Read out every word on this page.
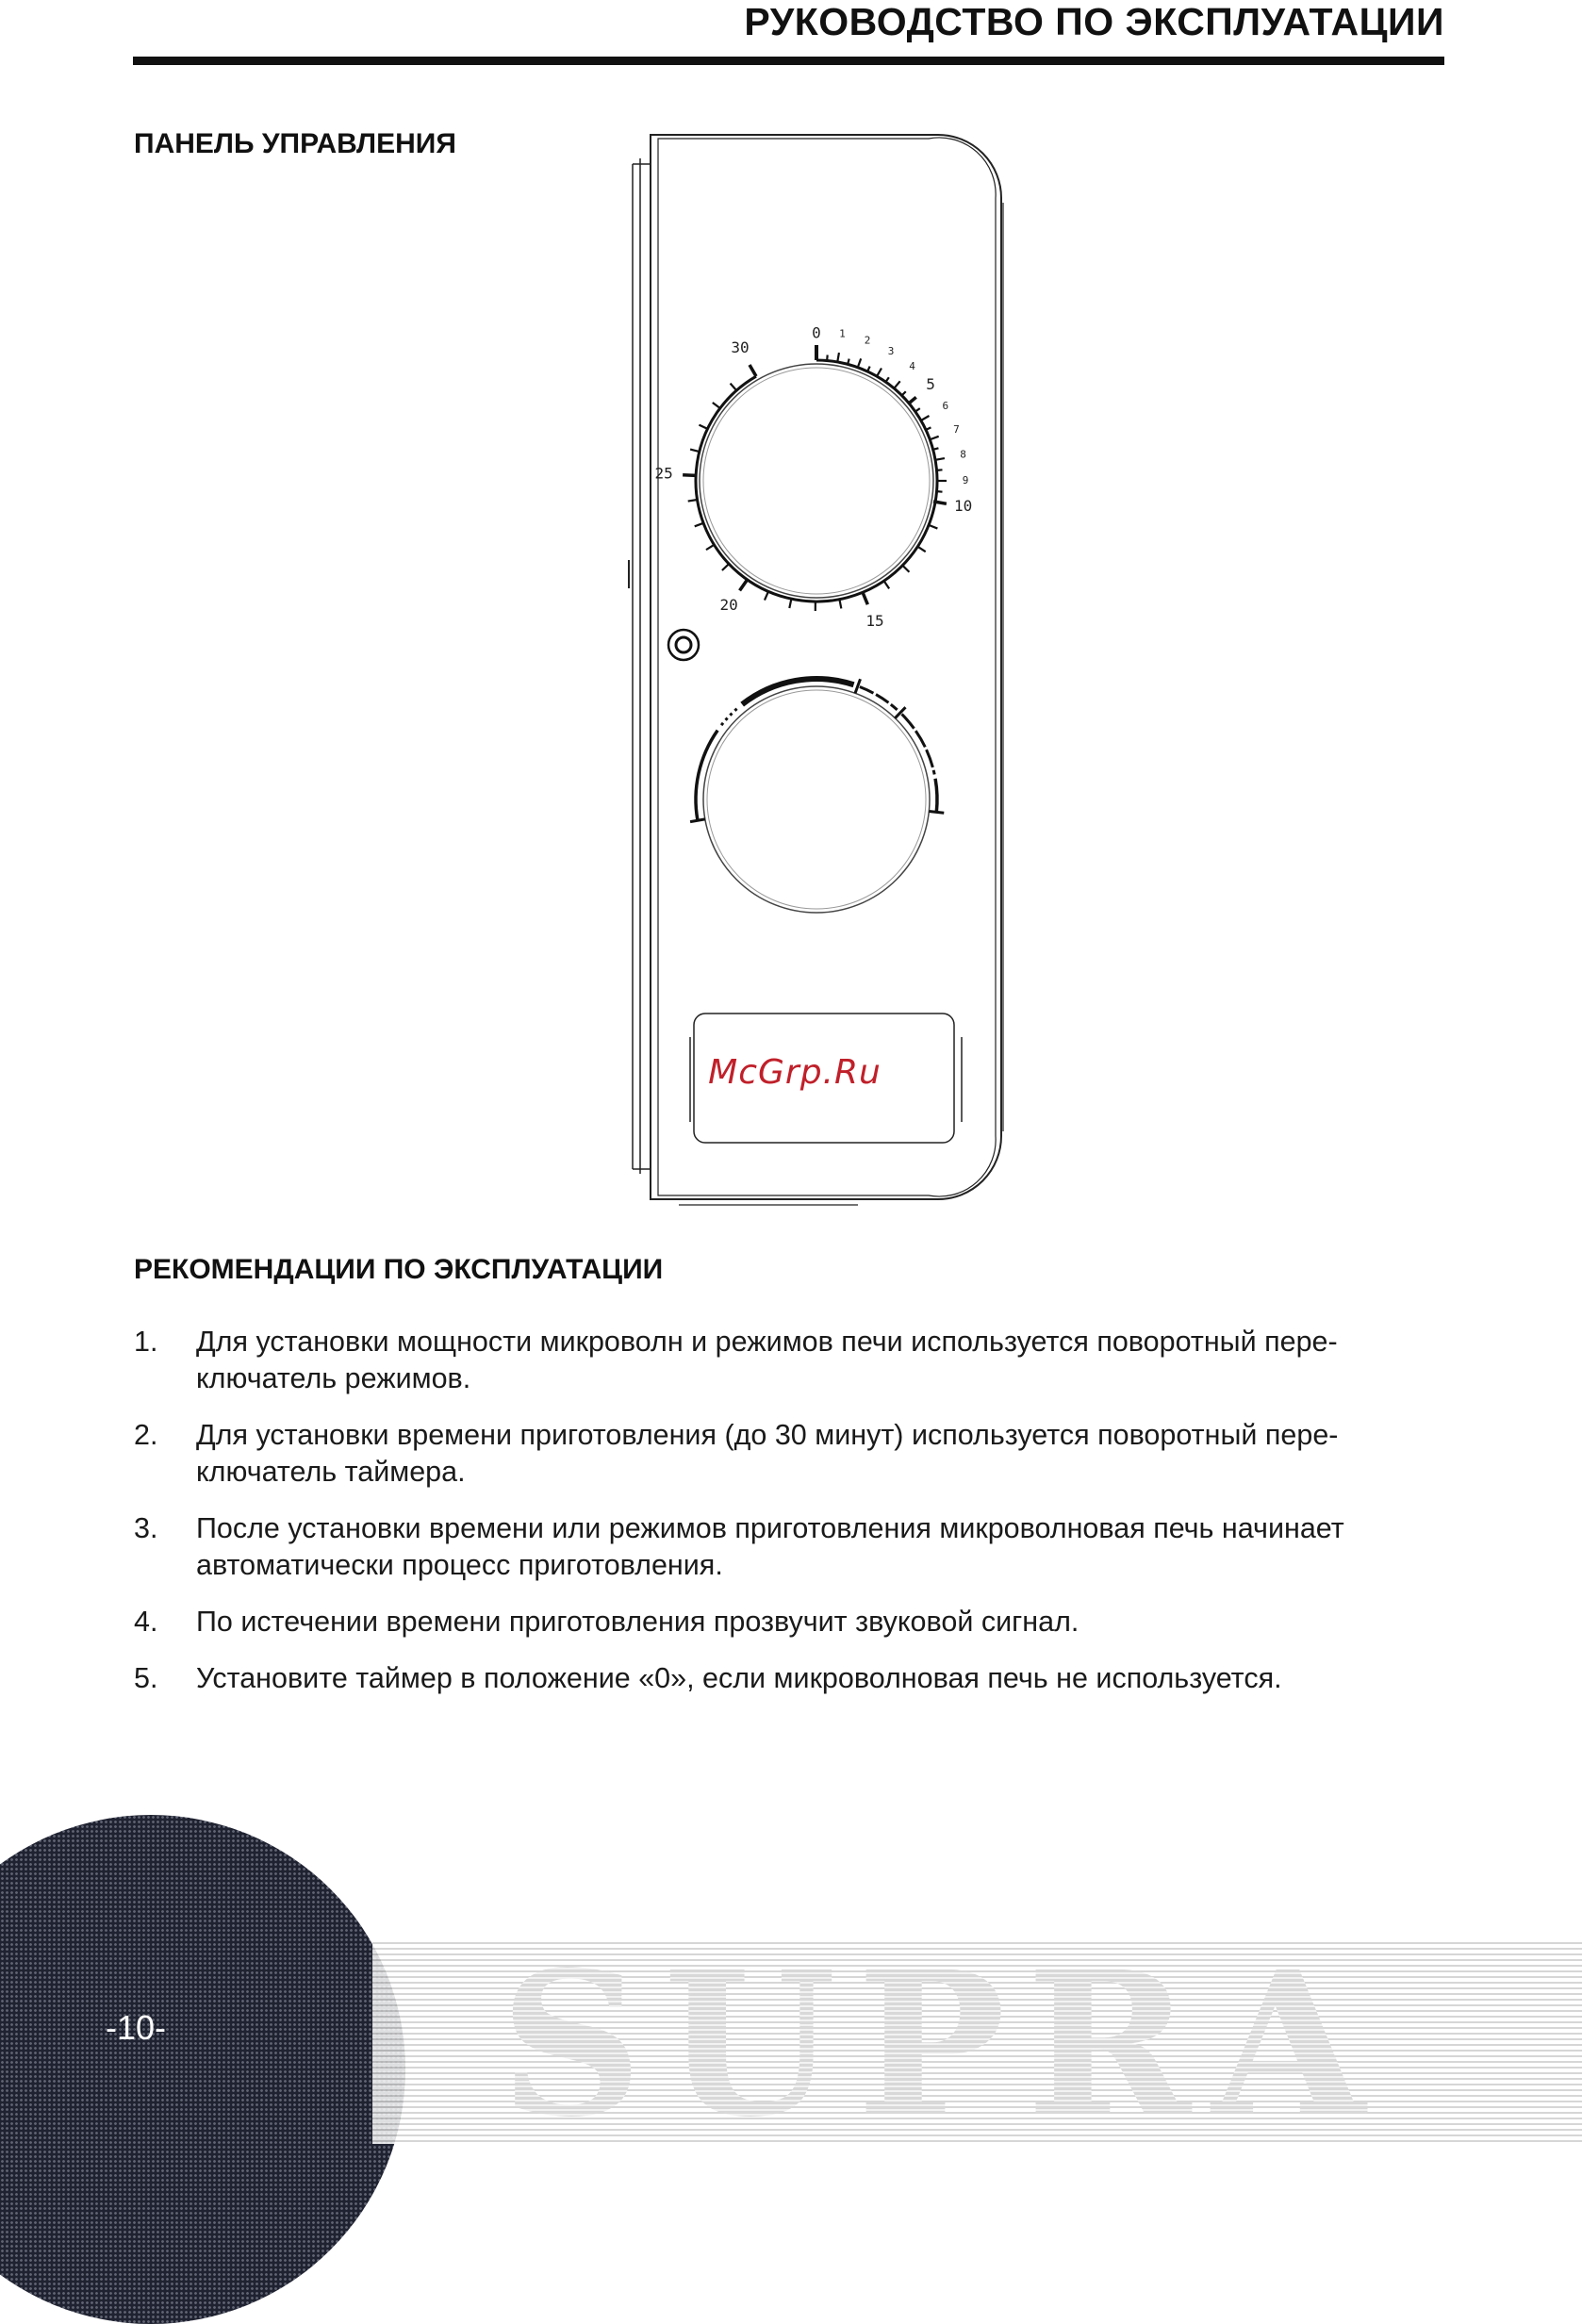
РУКОВОДСТВО ПО ЭКСПЛУАТАЦИИ
ПАНЕЛЬ УПРАВЛЕНИЯ
0 1
2
3
4
5
6
7
8
9
10
15
20
25
30
McGrp.Ru
РЕКОМЕНДАЦИИ ПО ЭКСПЛУАТАЦИИ
1. Для установки мощности микроволн и режимов печи используется поворотный пере-ключатель режимов.
2. Для установки времени приготовления (до 30 минут) используется поворотный пере-ключатель таймера.
3. После установки времени или режимов приготовления микроволновая печь начинает автоматически процесс приготовления.
4. По истечении времени приготовления прозвучит звуковой сигнал.
5. Установите таймер в положение «0», если микроволновая печь не используется.
SUPRA
-10-
